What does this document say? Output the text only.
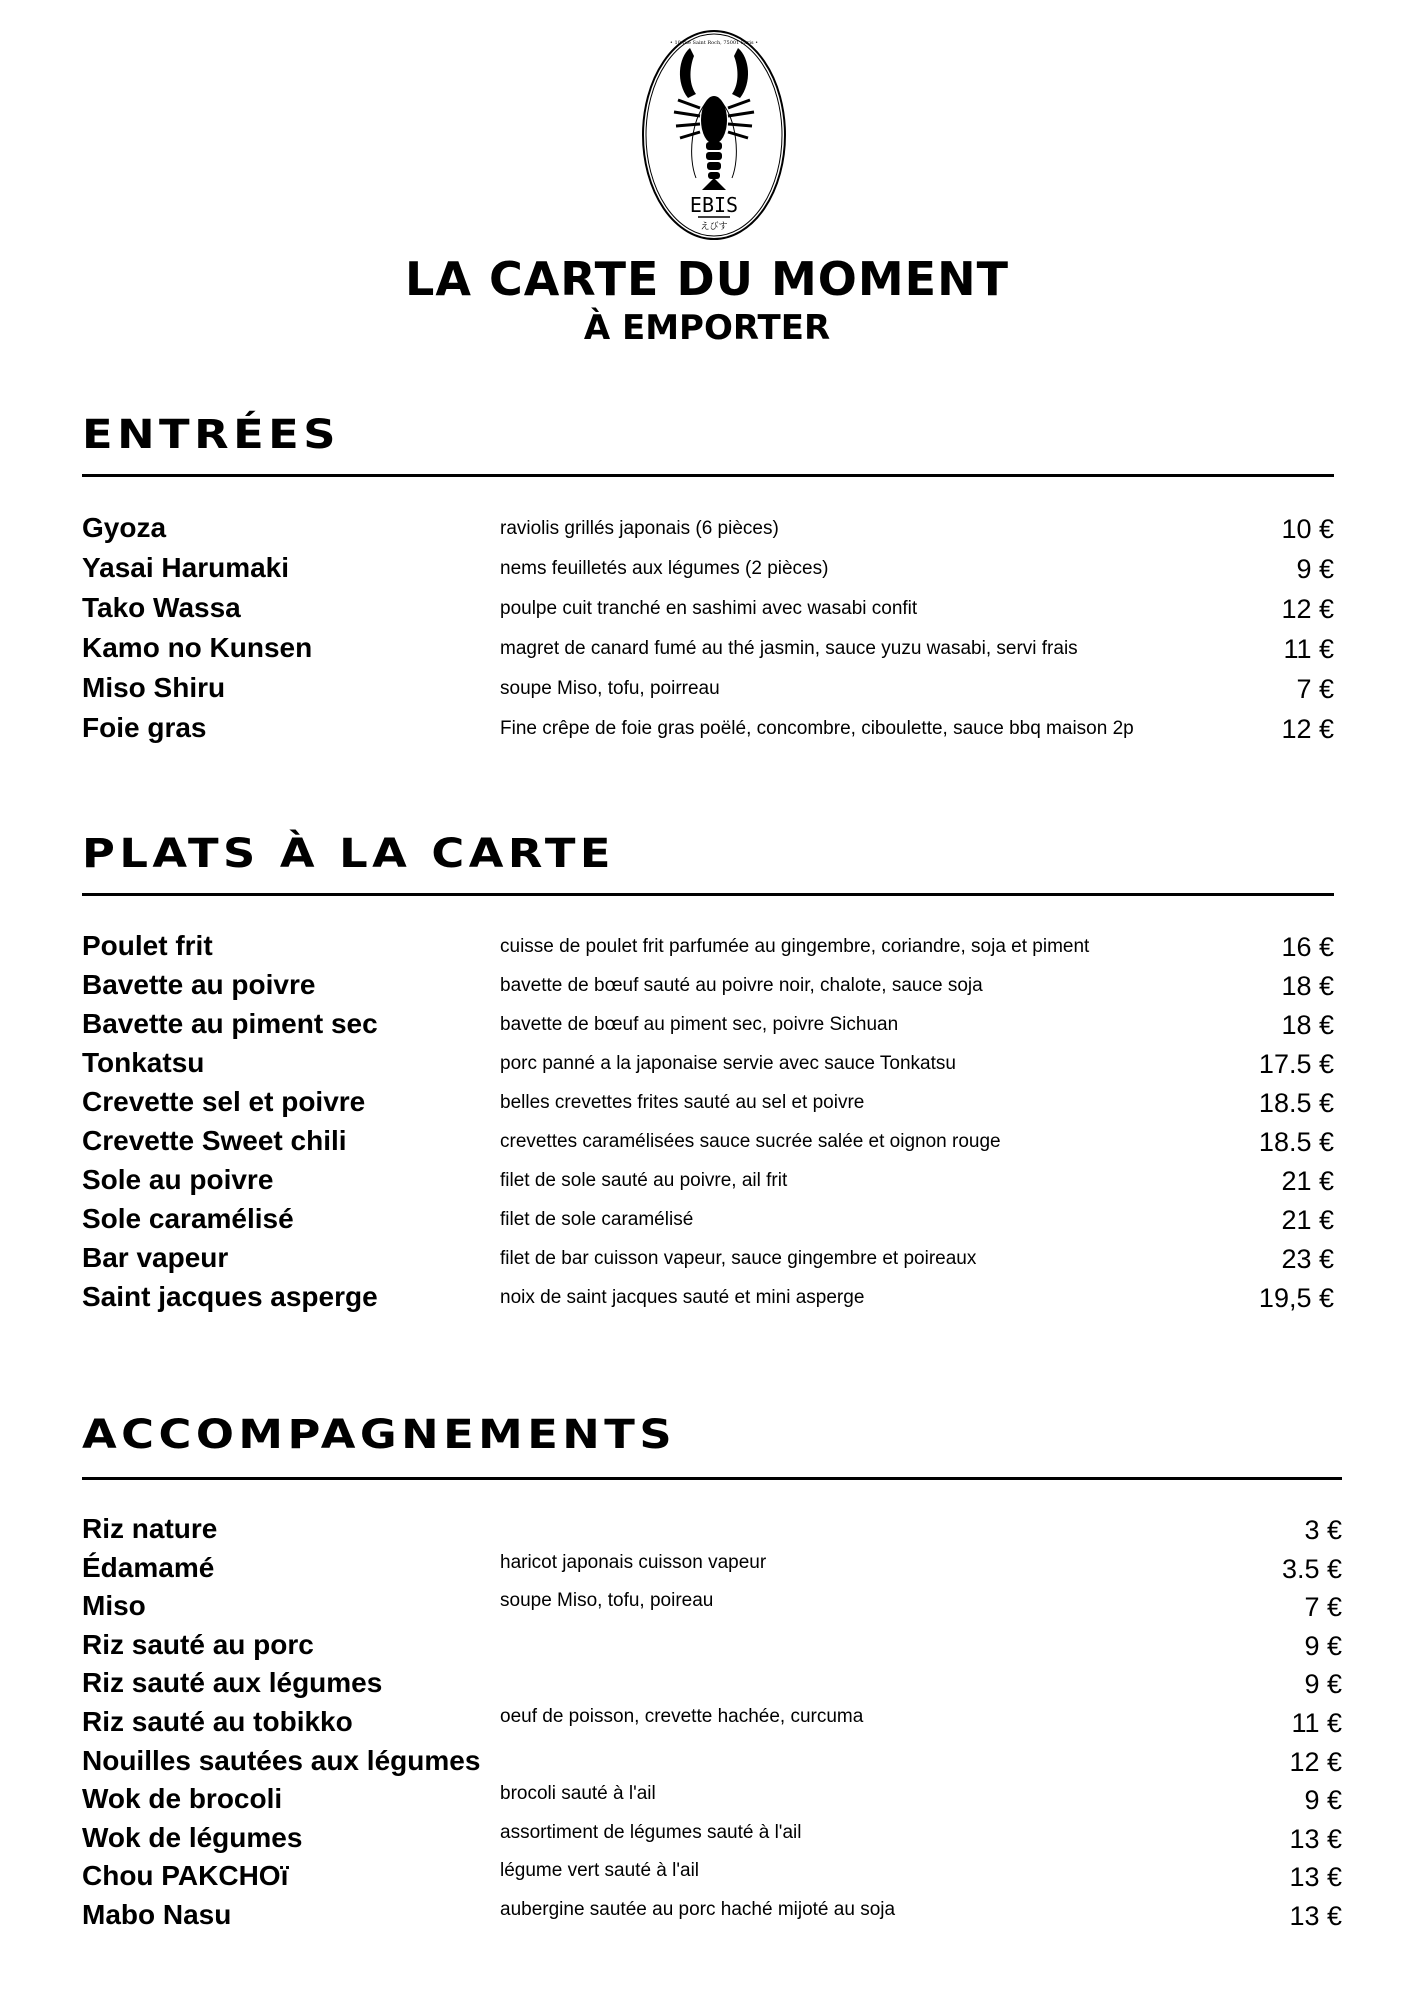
EBIS
えびす
• 10 rue Saint Roch, 75001 Paris •
LA CARTE DU MOMENT
À EMPORTER
ENTRÉES
Gyoza	raviolis grillés japonais (6 pièces)	10 €
Yasai Harumaki	nems feuilletés aux légumes (2 pièces)	9 €
Tako Wassa	poulpe cuit tranché en sashimi avec wasabi confit	12 €
Kamo no Kunsen	magret de canard fumé au thé jasmin, sauce yuzu wasabi, servi frais	11 €
Miso Shiru	soupe Miso, tofu, poirreau	7 €
Foie gras	Fine crêpe de foie gras poëlé, concombre, ciboulette, sauce bbq maison 2p	12 €
PLATS À LA CARTE
Poulet frit	cuisse de poulet frit parfumée au gingembre, coriandre, soja et piment	16 €
Bavette au poivre	bavette de bœuf sauté au poivre noir, chalote, sauce soja	18 €
Bavette au piment sec	bavette de bœuf au piment sec, poivre Sichuan	18 €
Tonkatsu	porc panné a la japonaise servie avec sauce Tonkatsu	17.5 €
Crevette sel et poivre	belles crevettes frites sauté au sel et poivre	18.5 €
Crevette Sweet chili	crevettes caramélisées sauce sucrée salée et oignon rouge	18.5 €
Sole au poivre	filet de sole sauté au poivre, ail frit	21 €
Sole caramélisé	filet de sole caramélisé	21 €
Bar vapeur	filet de bar cuisson vapeur, sauce gingembre et poireaux	23 €
Saint jacques asperge	noix de saint jacques sauté et mini asperge	19,5 €
ACCOMPAGNEMENTS
Riz nature	3 €
Édamamé	haricot japonais cuisson vapeur	3.5 €
Miso	soupe Miso, tofu, poireau	7 €
Riz sauté au porc	9 €
Riz sauté aux légumes	9 €
Riz sauté au tobikko	oeuf de poisson, crevette hachée, curcuma	11 €
Nouilles sautées aux légumes	12 €
Wok de brocoli	brocoli sauté à l'ail	9 €
Wok de légumes	assortiment de légumes sauté à l'ail	13 €
Chou PAKCHOï	légume vert sauté à l'ail	13 €
Mabo Nasu	aubergine sautée au porc haché mijoté au soja	13 €
